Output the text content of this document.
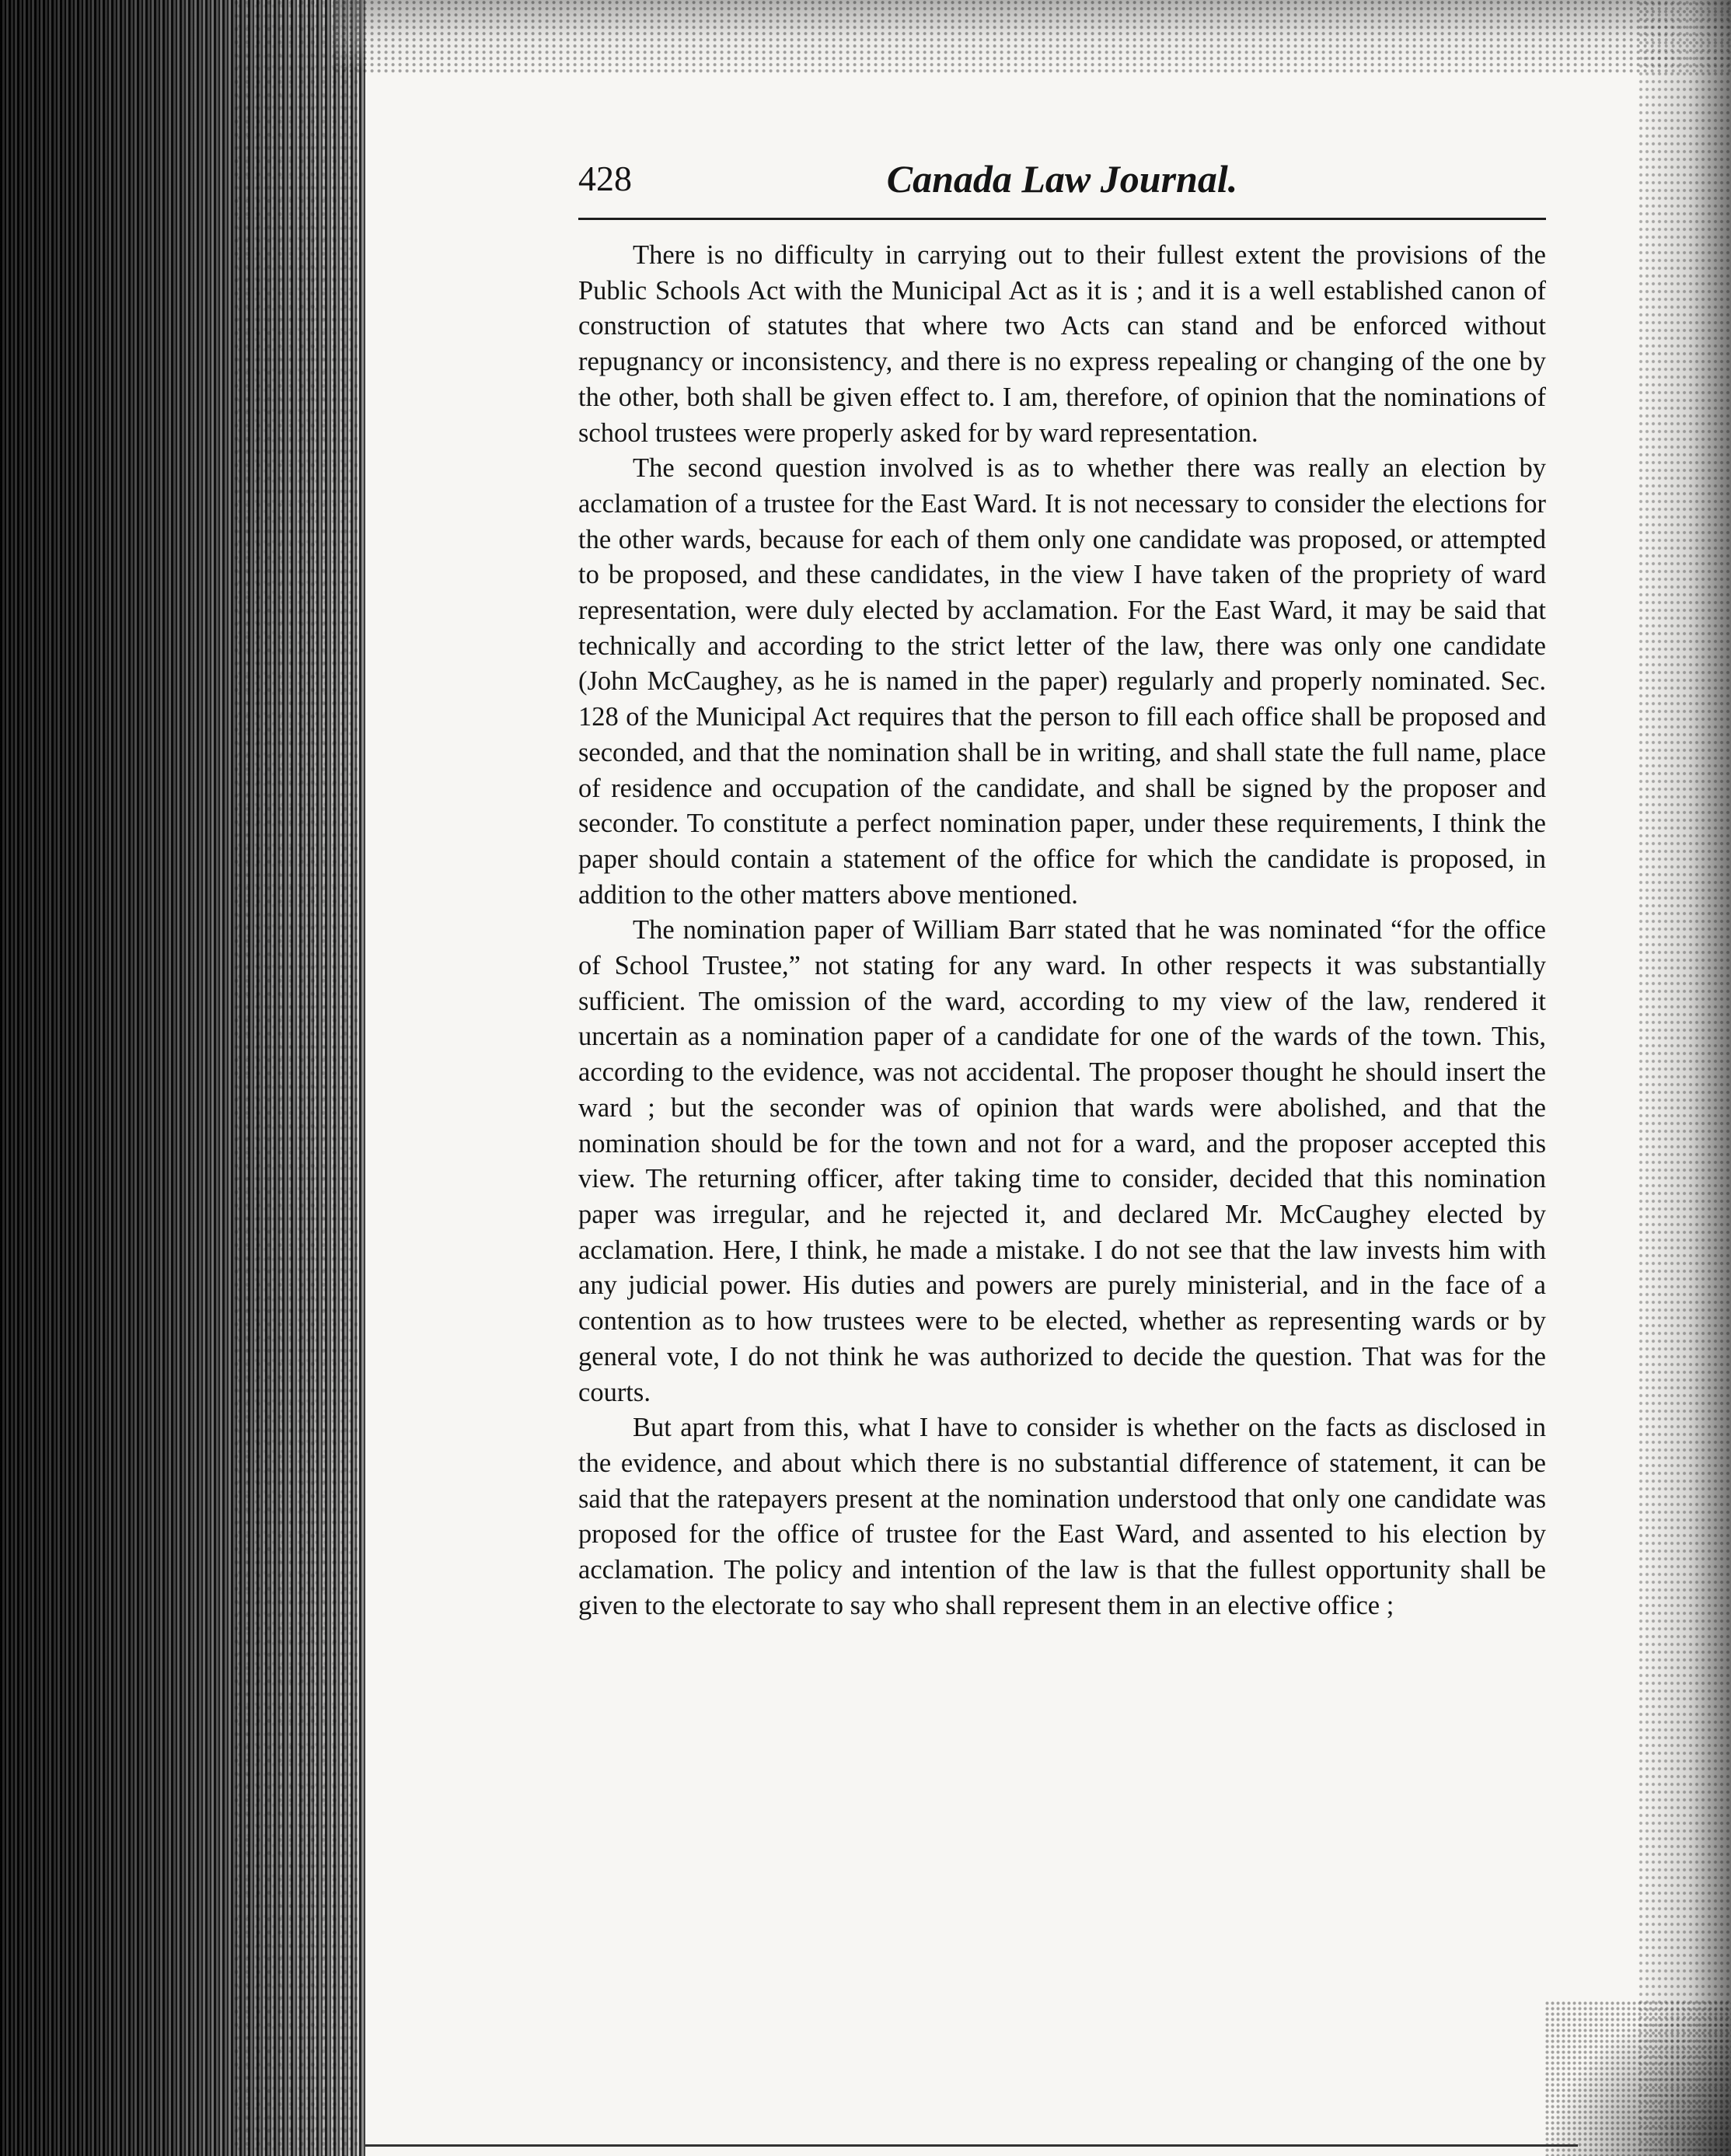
428	Canada Law Journal.

There is no difficulty in carrying out to their fullest extent the provisions of the Public Schools Act with the Municipal Act as it is ; and it is a well established canon of construction of statutes that where two Acts can stand and be enforced without repugnancy or inconsistency, and there is no express repealing or changing of the one by the other, both shall be given effect to. I am, therefore, of opinion that the nominations of school trustees were properly asked for by ward representation.

The second question involved is as to whether there was really an election by acclamation of a trustee for the East Ward. It is not necessary to consider the elections for the other wards, because for each of them only one candidate was proposed, or attempted to be proposed, and these candidates, in the view I have taken of the propriety of ward representation, were duly elected by acclamation. For the East Ward, it may be said that technically and according to the strict letter of the law, there was only one candidate (John McCaughey, as he is named in the paper) regularly and properly nominated. Sec. 128 of the Municipal Act requires that the person to fill each office shall be proposed and seconded, and that the nomination shall be in writing, and shall state the full name, place of residence and occupation of the candidate, and shall be signed by the proposer and seconder. To constitute a perfect nomination paper, under these requirements, I think the paper should contain a statement of the office for which the candidate is proposed, in addition to the other matters above mentioned.

The nomination paper of William Barr stated that he was nominated “for the office of School Trustee,” not stating for any ward. In other respects it was substantially sufficient. The omission of the ward, according to my view of the law, rendered it uncertain as a nomination paper of a candidate for one of the wards of the town. This, according to the evidence, was not accidental. The proposer thought he should insert the ward ; but the seconder was of opinion that wards were abolished, and that the nomination should be for the town and not for a ward, and the proposer accepted this view. The returning officer, after taking time to consider, decided that this nomination paper was irregular, and he rejected it, and declared Mr. McCaughey elected by acclamation. Here, I think, he made a mistake. I do not see that the law invests him with any judicial power. His duties and powers are purely ministerial, and in the face of a contention as to how trustees were to be elected, whether as representing wards or by general vote, I do not think he was authorized to decide the question. That was for the courts.

But apart from this, what I have to consider is whether on the facts as disclosed in the evidence, and about which there is no substantial difference of statement, it can be said that the ratepayers present at the nomination understood that only one candidate was proposed for the office of trustee for the East Ward, and assented to his election by acclamation. The policy and intention of the law is that the fullest opportunity shall be given to the electorate to say who shall represent them in an elective office ;
